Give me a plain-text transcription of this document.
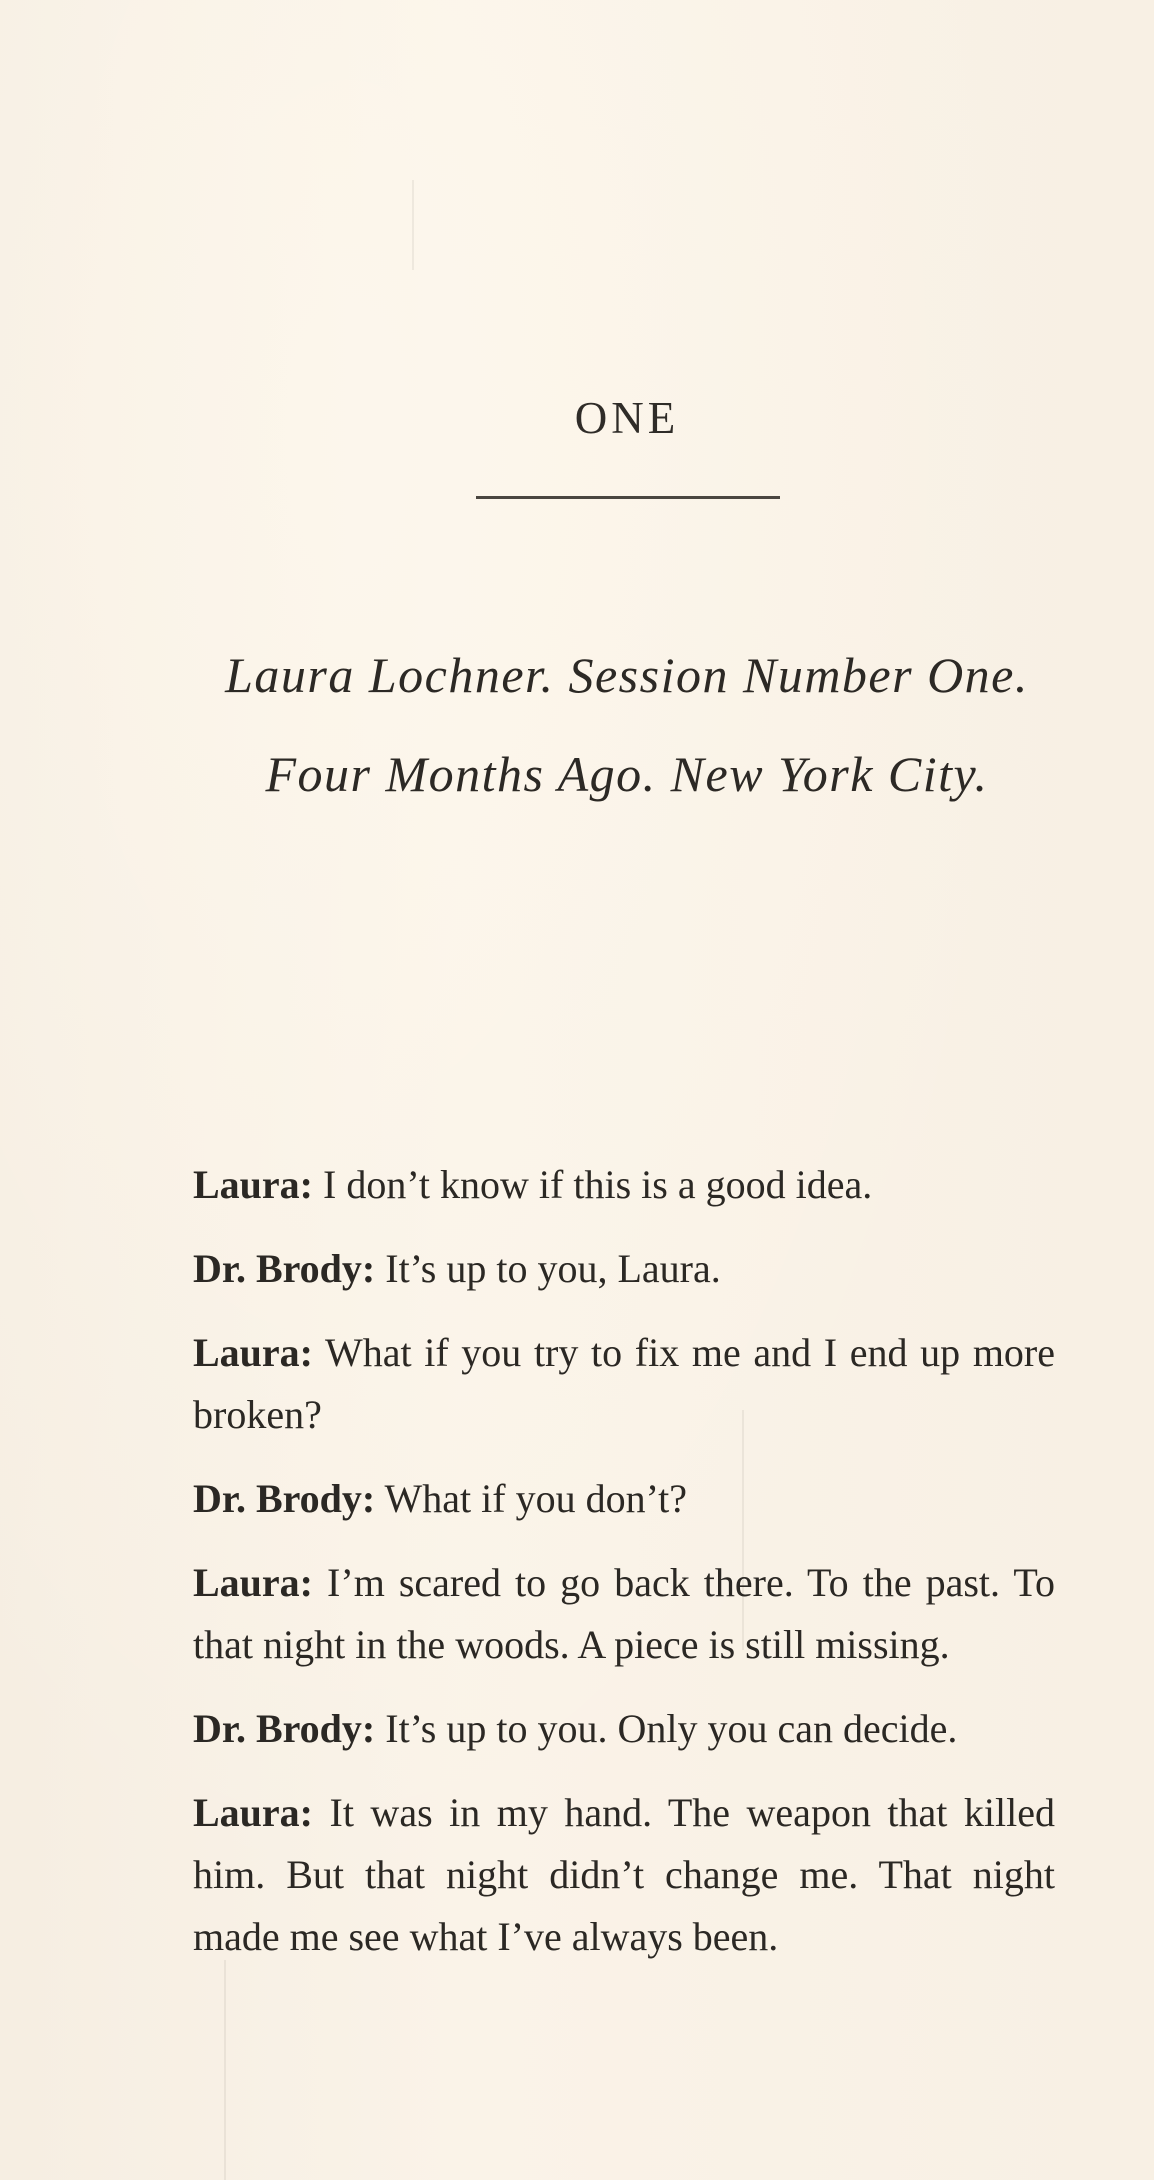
ONE
Laura Lochner. Session Number One.
Four Months Ago. New York City.

Laura: I don’t know if this is a good idea.

Dr. Brody: It’s up to you, Laura.

Laura: What if you try to fix me and I end up more broken?

Dr. Brody: What if you don’t?

Laura: I’m scared to go back there. To the past. To that night in the woods. A piece is still missing.

Dr. Brody: It’s up to you. Only you can decide.

Laura: It was in my hand. The weapon that killed him. But that night didn’t change me. That night made me see what I’ve always been.
